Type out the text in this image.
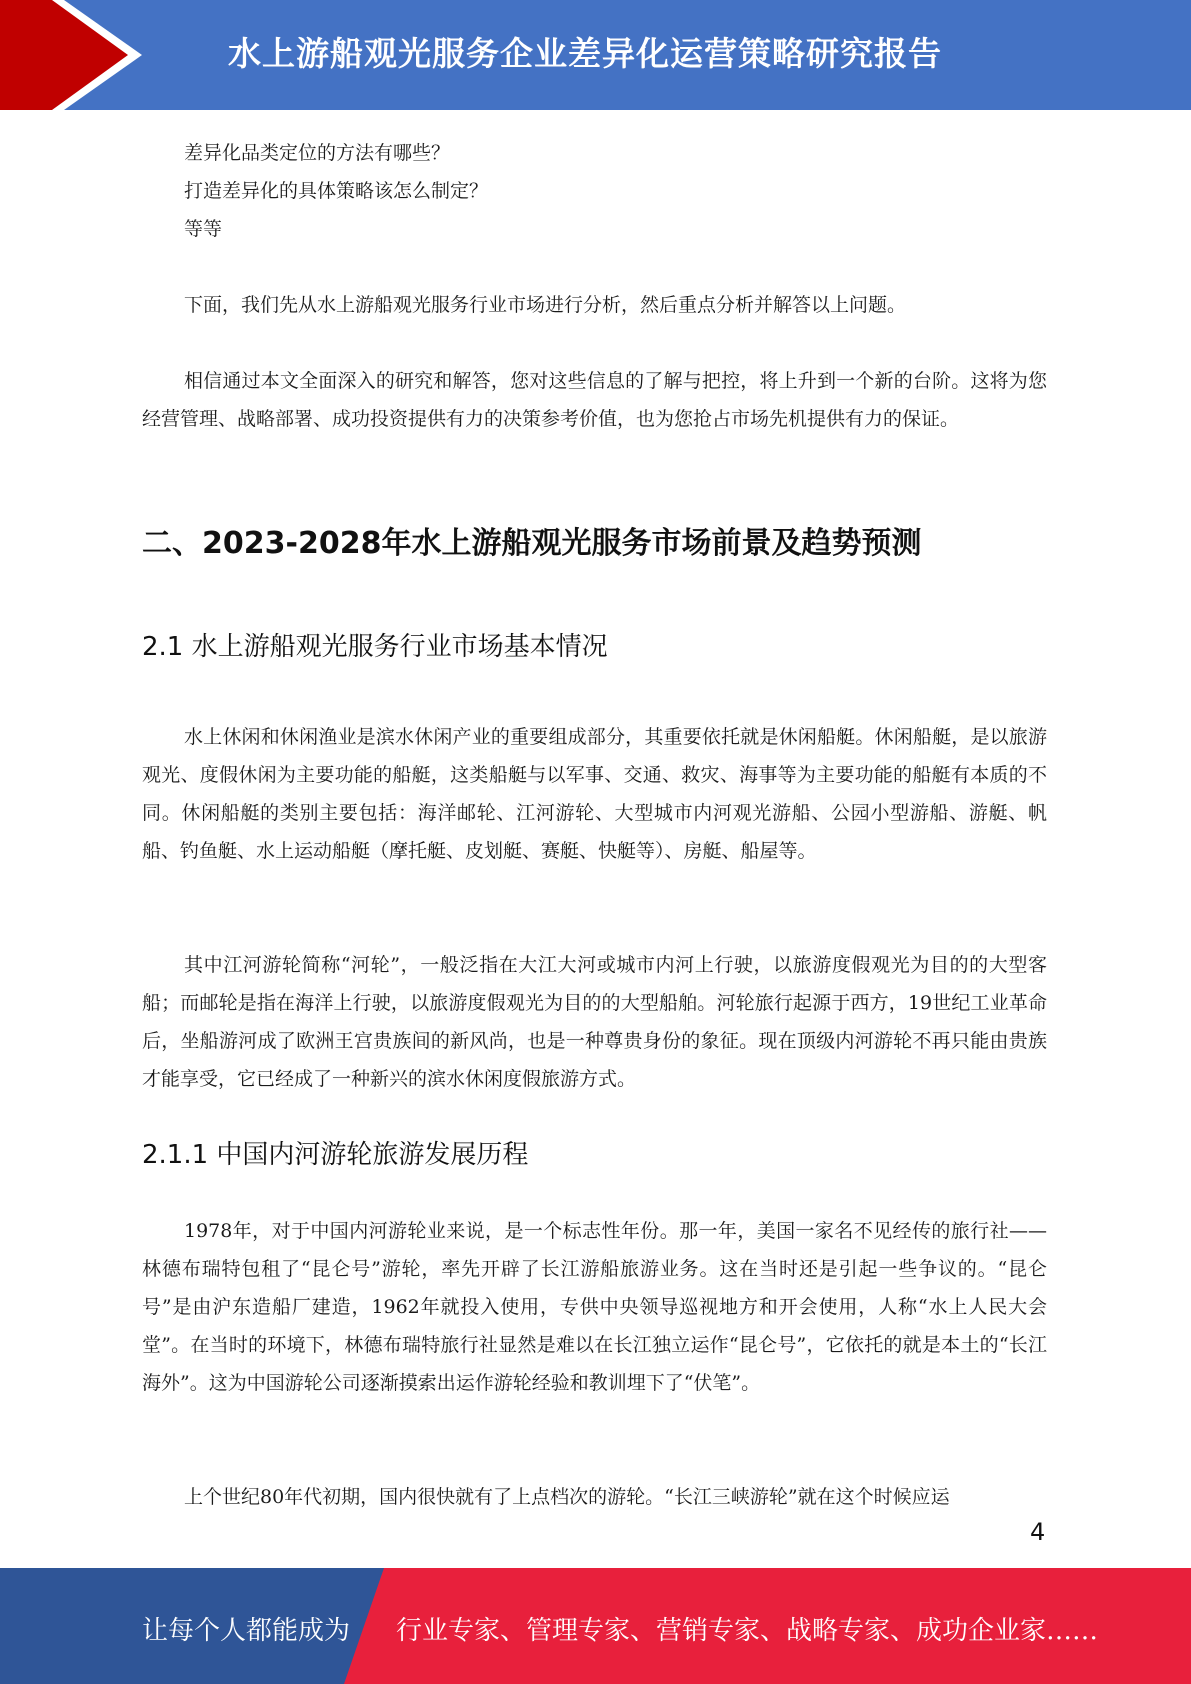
水上游船观光服务企业差异化运营策略研究报告
差异化品类定位的方法有哪些？
打造差异化的具体策略该怎么制定？
等等
下面，我们先从水上游船观光服务行业市场进行分析，然后重点分析并解答以上问题。
相信通过本文全面深入的研究和解答，您对这些信息的了解与把控，将上升到一个新的台阶。这将为您经营管理、战略部署、成功投资提供有力的决策参考价值，也为您抢占市场先机提供有力的保证。
二、2023-2028年水上游船观光服务市场前景及趋势预测
2.1 水上游船观光服务行业市场基本情况
水上休闲和休闲渔业是滨水休闲产业的重要组成部分，其重要依托就是休闲船艇。休闲船艇，是以旅游观光、度假休闲为主要功能的船艇，这类船艇与以军事、交通、救灾、海事等为主要功能的船艇有本质的不同。休闲船艇的类别主要包括：海洋邮轮、江河游轮、大型城市内河观光游船、公园小型游船、游艇、帆船、钓鱼艇、水上运动船艇（摩托艇、皮划艇、赛艇、快艇等）、房艇、船屋等。
其中江河游轮简称“河轮”，一般泛指在大江大河或城市内河上行驶，以旅游度假观光为目的的大型客船；而邮轮是指在海洋上行驶，以旅游度假观光为目的的大型船舶。河轮旅行起源于西方，19世纪工业革命后，坐船游河成了欧洲王宫贵族间的新风尚，也是一种尊贵身份的象征。现在顶级内河游轮不再只能由贵族才能享受，它已经成了一种新兴的滨水休闲度假旅游方式。
2.1.1 中国内河游轮旅游发展历程
1978年，对于中国内河游轮业来说，是一个标志性年份。那一年，美国一家名不见经传的旅行社——林德布瑞特包租了“昆仑号”游轮，率先开辟了长江游船旅游业务。这在当时还是引起一些争议的。“昆仑号”是由沪东造船厂建造，1962年就投入使用，专供中央领导巡视地方和开会使用，人称“水上人民大会堂”。在当时的环境下，林德布瑞特旅行社显然是难以在长江独立运作“昆仑号”，它依托的就是本土的“长江海外”。这为中国游轮公司逐渐摸索出运作游轮经验和教训埋下了“伏笔”。
上个世纪80年代初期，国内很快就有了上点档次的游轮。“长江三峡游轮”就在这个时候应运
4
让每个人都能成为 行业专家、管理专家、营销专家、战略专家、成功企业家……
